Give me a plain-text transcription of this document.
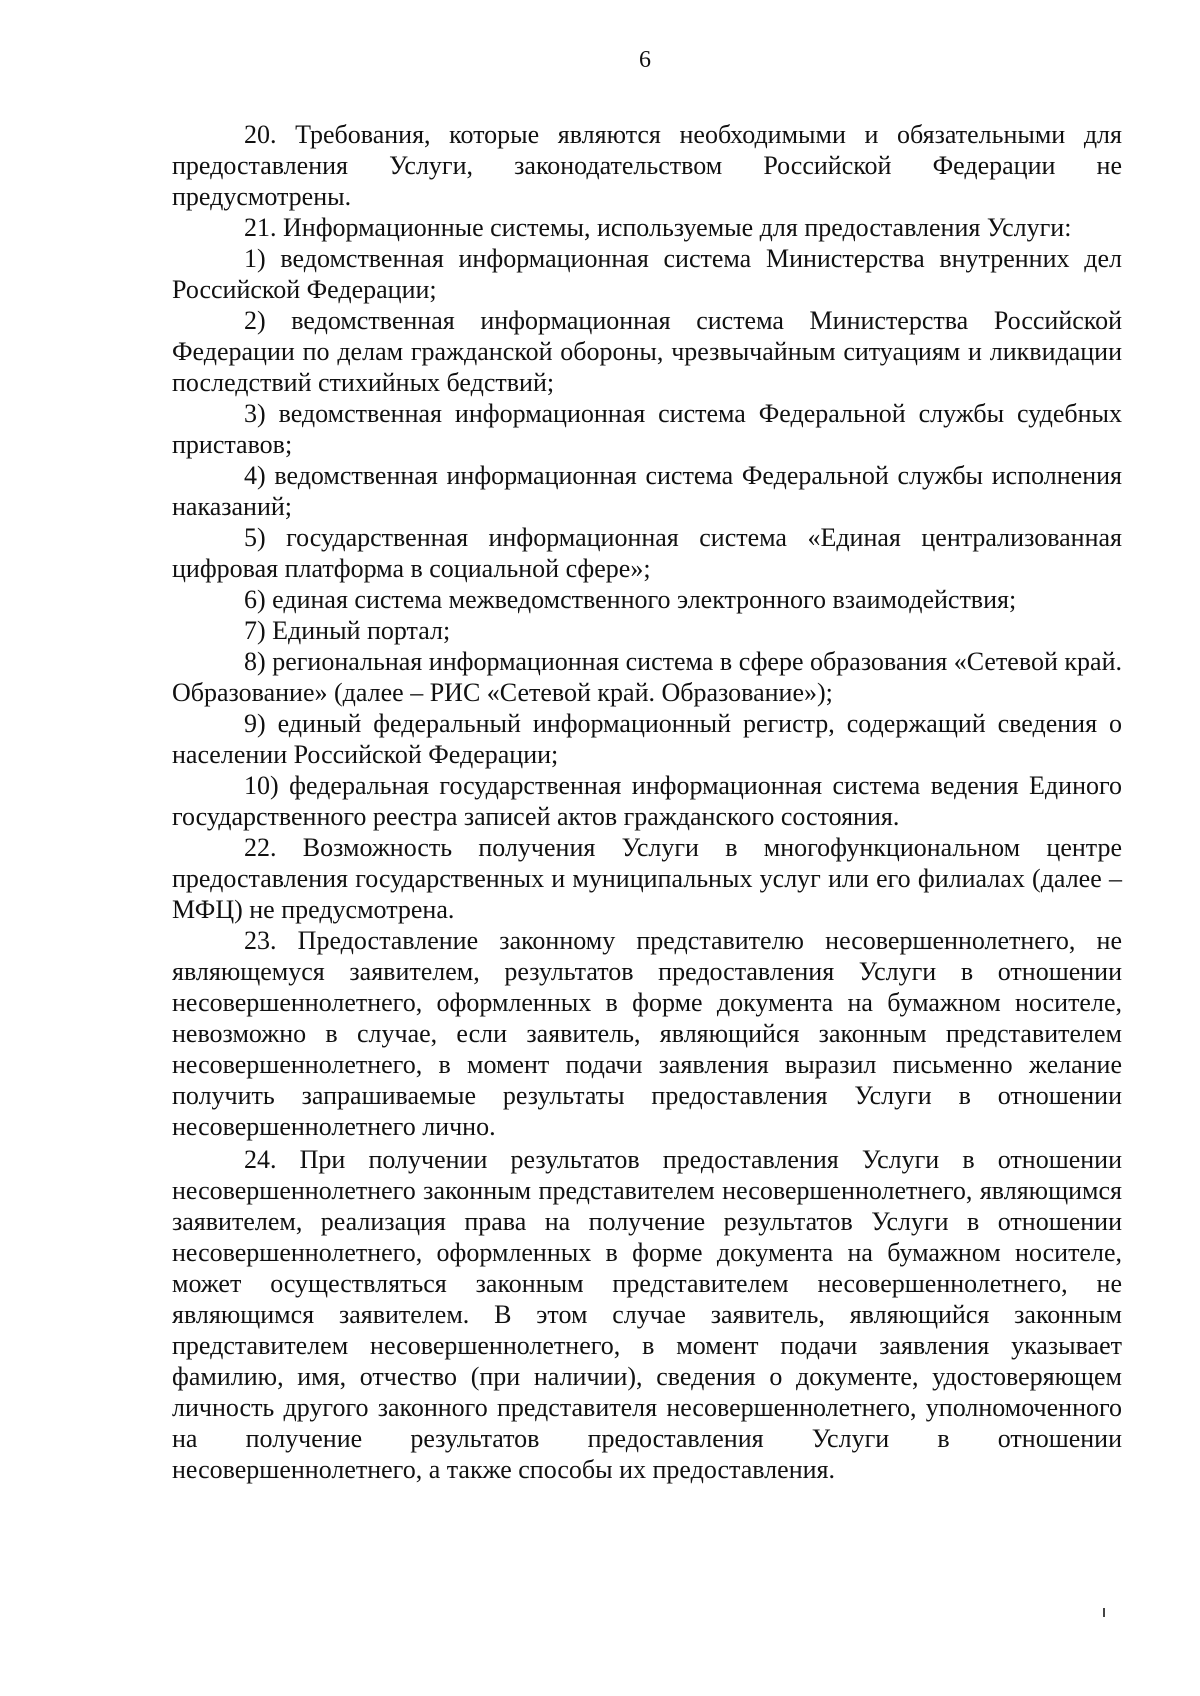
6

20. Требования, которые являются необходимыми и обязательными для предоставления Услуги, законодательством Российской Федерации не предусмотрены.

21. Информационные системы, используемые для предоставления Услуги:

1) ведомственная информационная система Министерства внутренних дел Российской Федерации;

2) ведомственная информационная система Министерства Российской Федерации по делам гражданской обороны, чрезвычайным ситуациям и ликвидации последствий стихийных бедствий;

3) ведомственная информационная система Федеральной службы судебных приставов;

4) ведомственная информационная система Федеральной службы исполнения наказаний;

5) государственная информационная система «Единая централизованная цифровая платформа в социальной сфере»;

6) единая система межведомственного электронного взаимодействия;

7) Единый портал;

8) региональная информационная система в сфере образования «Сетевой край. Образование» (далее – РИС «Сетевой край. Образование»);

9) единый федеральный информационный регистр, содержащий сведения о населении Российской Федерации;

10) федеральная государственная информационная система ведения Единого государственного реестра записей актов гражданского состояния.

22. Возможность получения Услуги в многофункциональном центре предоставления государственных и муниципальных услуг или его филиалах (далее – МФЦ) не предусмотрена.

23. Предоставление законному представителю несовершеннолетнего, не являющемуся заявителем, результатов предоставления Услуги в отношении несовершеннолетнего, оформленных в форме документа на бумажном носителе, невозможно в случае, если заявитель, являющийся законным представителем несовершеннолетнего, в момент подачи заявления выразил письменно желание получить запрашиваемые результаты предоставления Услуги в отношении несовершеннолетнего лично.

24. При получении результатов предоставления Услуги в отношении несовершеннолетнего законным представителем несовершеннолетнего, являющимся заявителем, реализация права на получение результатов Услуги в отношении несовершеннолетнего, оформленных в форме документа на бумажном носителе, может осуществляться законным представителем несовершеннолетнего, не являющимся заявителем. В этом случае заявитель, являющийся законным представителем несовершеннолетнего, в момент подачи заявления указывает фамилию, имя, отчество (при наличии), сведения о документе, удостоверяющем личность другого законного представителя несовершеннолетнего, уполномоченного на получение результатов предоставления Услуги в отношении несовершеннолетнего, а также способы их предоставления.
